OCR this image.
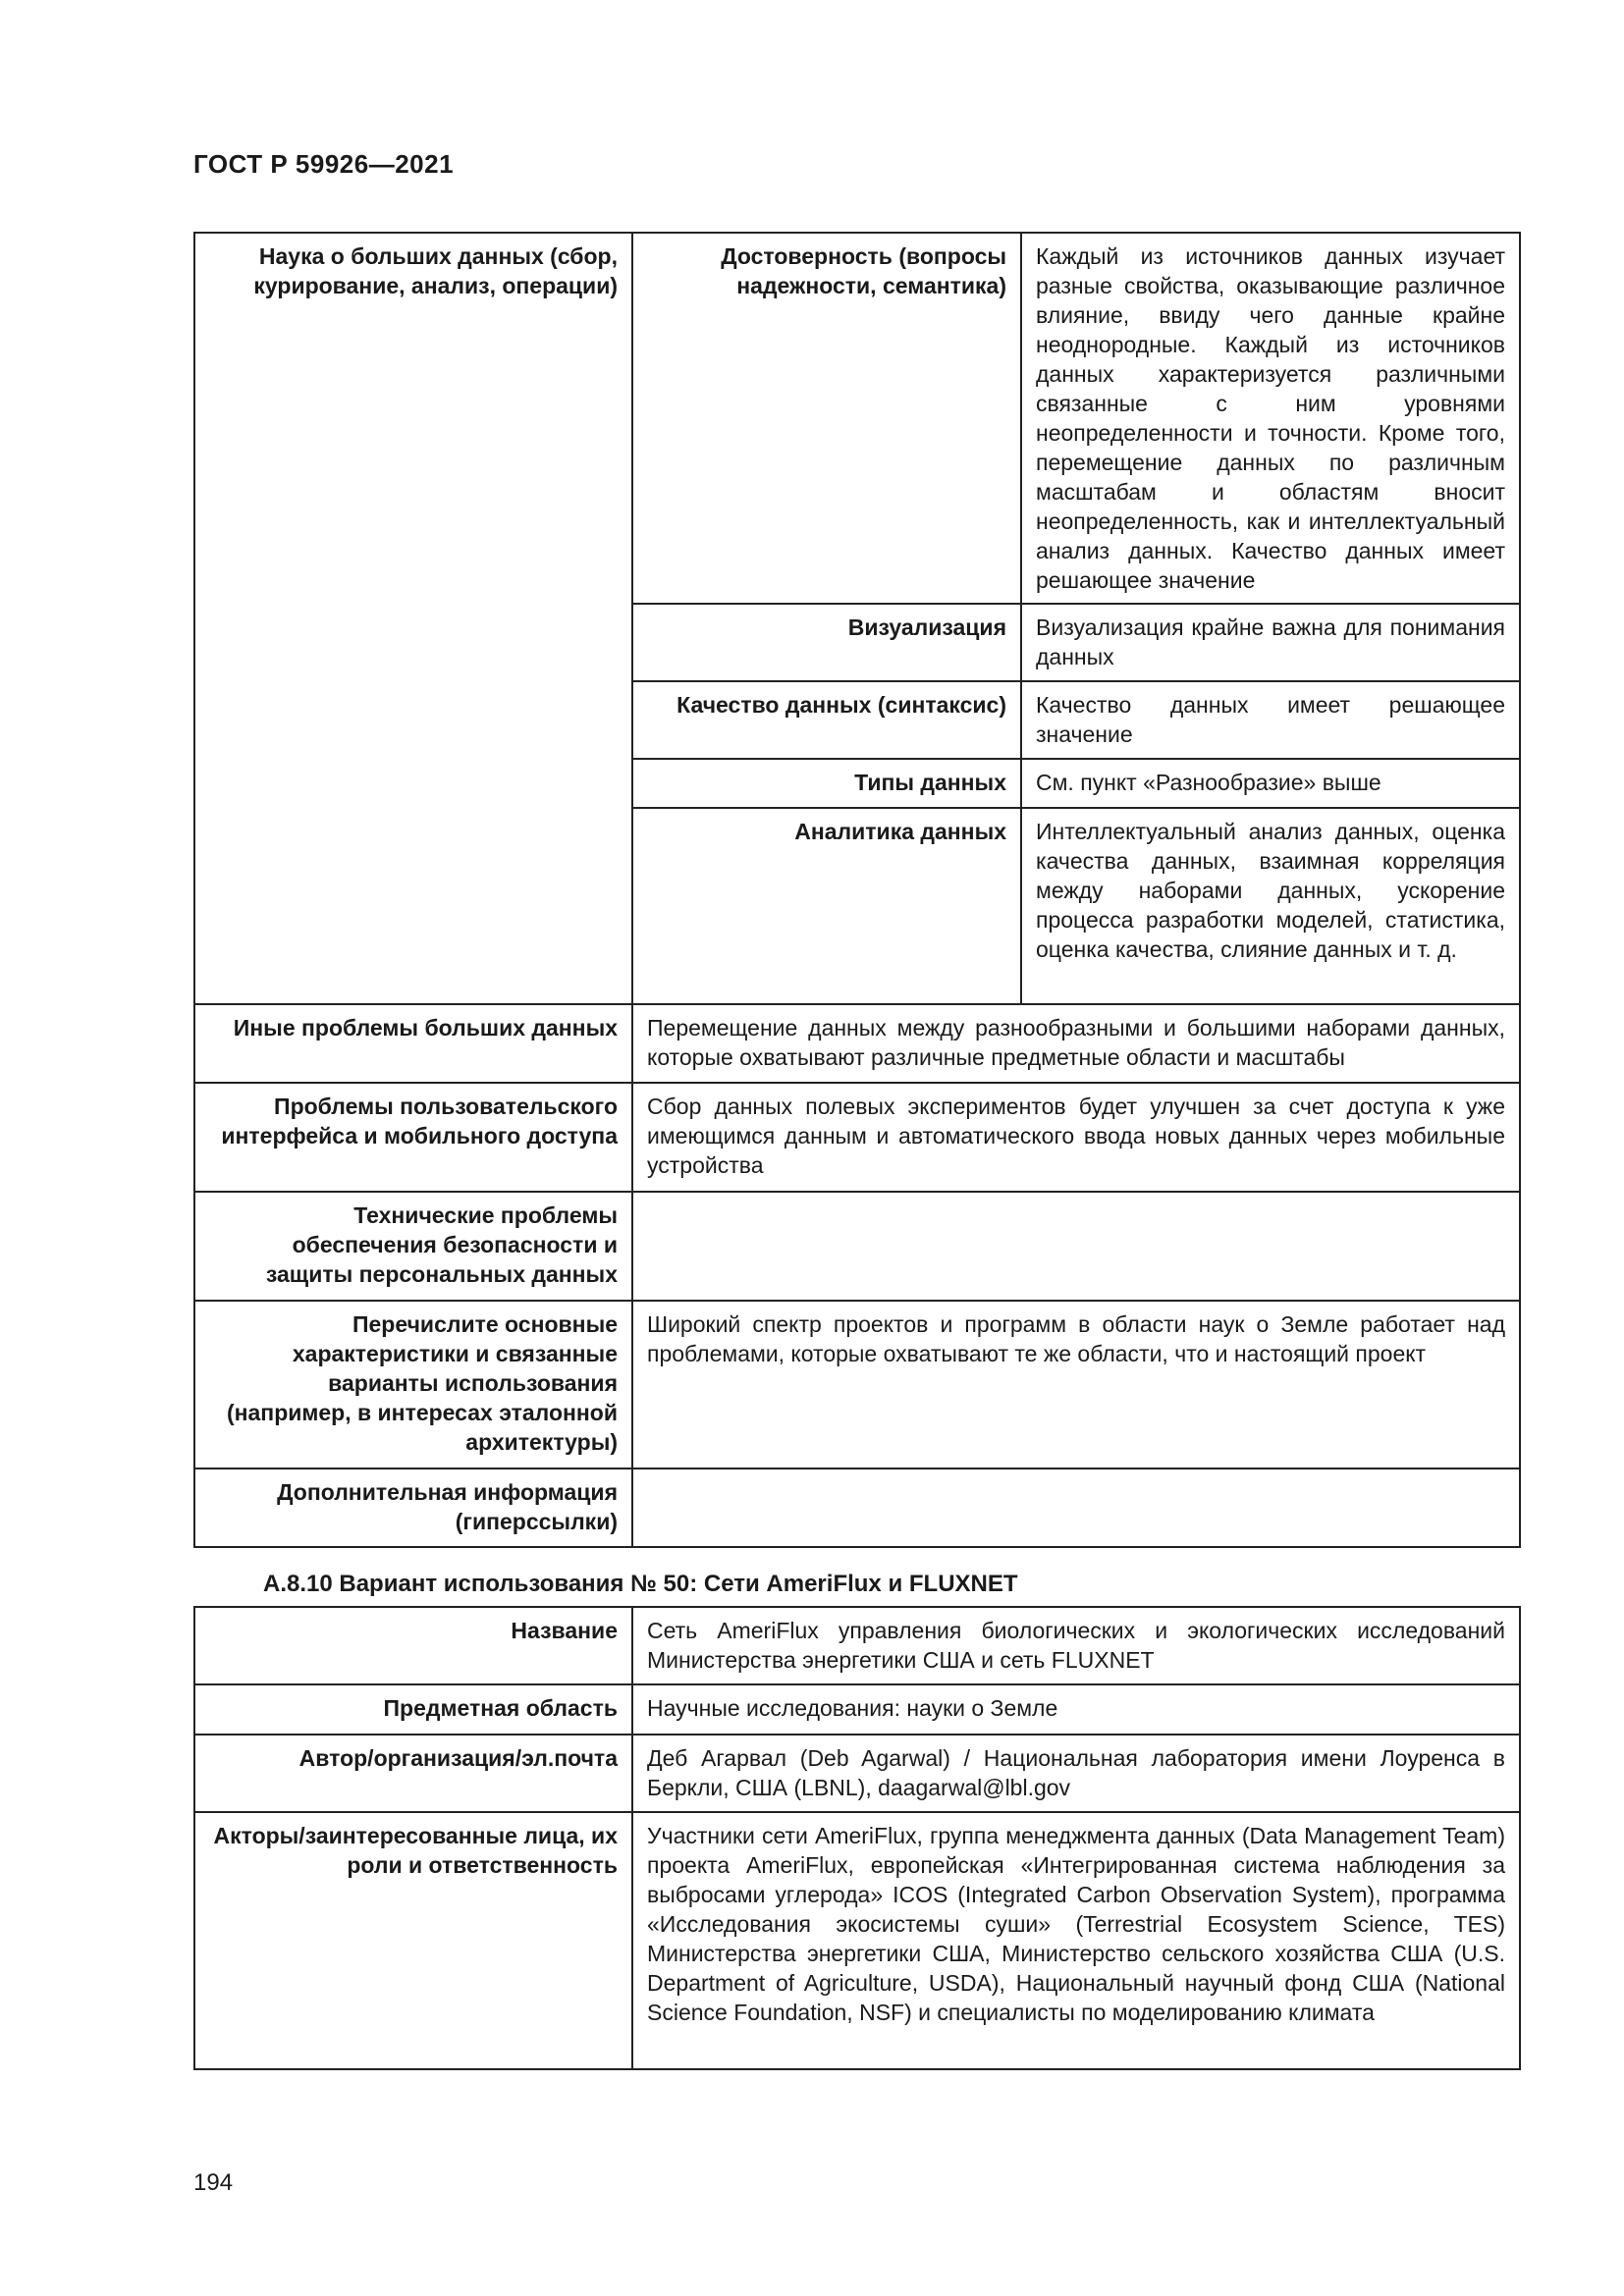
ГОСТ Р 59926—2021
Наука о больших данных (сбор, курирование, анализ, операции)	Достоверность (вопросы надежности, семантика)	Каждый из источников данных изучает разные свойства, оказывающие различное влияние, ввиду чего данные крайне неоднородные. Каждый из источников данных характеризуется различными связанные с ним уровнями неопределенности и точности. Кроме того, перемещение данных по различным масштабам и областям вносит неопределенность, как и интеллектуальный анализ данных. Качество данных имеет решающее значение
	Визуализация	Визуализация крайне важна для понимания данных
	Качество данных (синтаксис)	Качество данных имеет решающее значение
	Типы данных	См. пункт «Разнообразие» выше
	Аналитика данных	Интеллектуальный анализ данных, оценка качества данных, взаимная корреляция между наборами данных, ускорение процесса разработки моделей, статистика, оценка качества, слияние данных и т. д.
Иные проблемы больших данных	Перемещение данных между разнообразными и большими наборами данных, которые охватывают различные предметные области и масштабы	
Проблемы пользовательского интерфейса и мобильного доступа	Сбор данных полевых экспериментов будет улучшен за счет доступа к уже имеющимся данным и автоматического ввода новых данных через мобильные устройства	
Технические проблемы обеспечения безопасности и защиты персональных данных		
Перечислите основные характеристики и связанные варианты использования (например, в интересах эталонной архитектуры)	Широкий спектр проектов и программ в области наук о Земле работает над проблемами, которые охватывают те же области, что и настоящий проект	
Дополнительная информация (гиперссылки)		
А.8.10 Вариант использования № 50: Сети AmeriFlux и FLUXNET
Название	Сеть AmeriFlux управления биологических и экологических исследований Министерства энергетики США и сеть FLUXNET
Предметная область	Научные исследования: науки о Земле
Автор/организация/эл.почта	Деб Агарвал (Deb Agarwal) / Национальная лаборатория имени Лоуренса в Беркли, США (LBNL), daagarwal@lbl.gov
Акторы/заинтересованные лица, их роли и ответственность	Участники сети AmeriFlux, группа менеджмента данных (Data Management Team) проекта AmeriFlux, европейская «Интегрированная система наблюдения за выбросами углерода» ICOS (Integrated Carbon Observation System), программа «Исследования экосистемы суши» (Terrestrial Ecosystem Science, TES) Министерства энергетики США, Министерство сельского хозяйства США (U.S. Department of Agriculture, USDA), Национальный научный фонд США (National Science Foundation, NSF) и специалисты по моделированию климата
194
